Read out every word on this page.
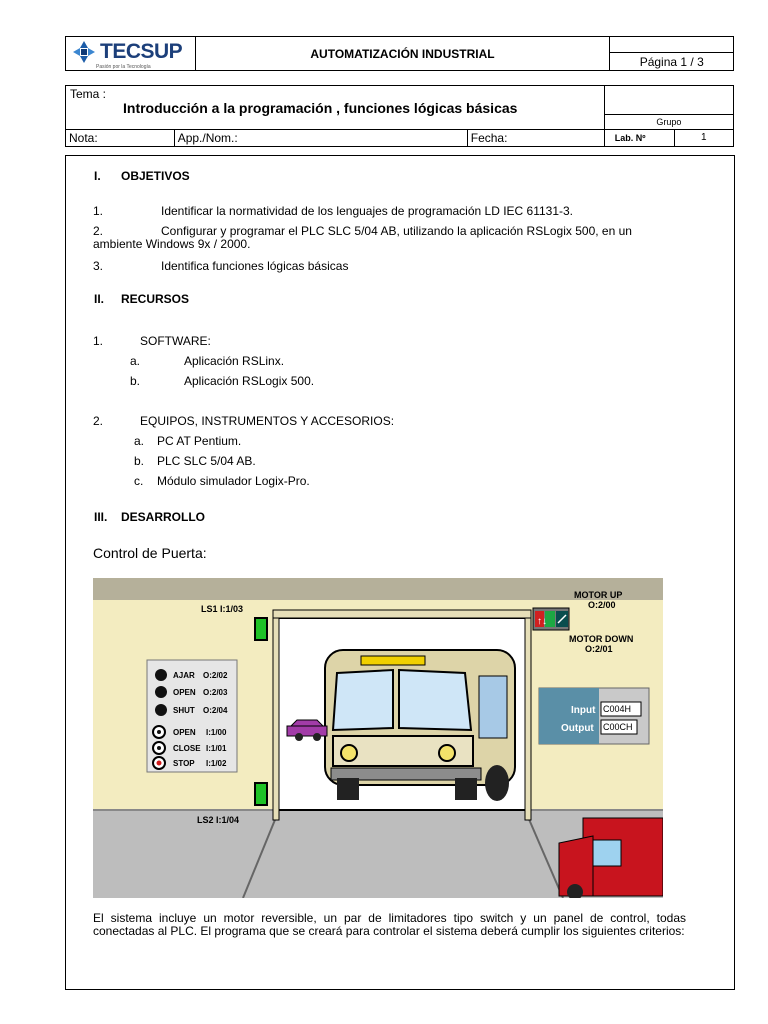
TECSUP
Pasión por la Tecnología
	AUTOMATIZACIÓN INDUSTRIAL	
Página 1 / 3
Tema :
Introducción a la programación , funciones lógicas básicas				

			Grupo	
Nota:	App./Nom.:	Fecha:	Lab. Nº	1
I. OBJETIVOS
1.	Identificar la normatividad de los lenguajes de programación LD IEC 61131-3.
2.	Configurar y programar el PLC SLC 5/04 AB, utilizando la aplicación RSLogix 500, en un
ambiente Windows 9x / 2000.
3.	Identifica funciones lógicas básicas
II. RECURSOS
1.	SOFTWARE:
a.	Aplicación RSLinx.
b.	Aplicación RSLogix 500.
2.	EQUIPOS, INSTRUMENTOS Y ACCESORIOS:
a. PC AT Pentium.
b. PLC SLC 5/04 AB.
c. Módulo simulador Logix-Pro.
III. DESARROLLO
Control de Puerta:
LS1 I:1/03
LS2 I:1/04
MOTOR UP
O:2/00
MOTOR DOWN
O:2/01
↑↓
AJAR O:2/02
OPEN O:2/03
SHUT O:2/04
OPEN I:1/00
CLOSE I:1/01
STOP I:1/02
Input C004H
Output C00CH
El sistema incluye un motor reversible, un par de limitadores tipo switch y un panel de control, todas conectadas al PLC. El programa que se creará para controlar el sistema deberá cumplir los siguientes criterios:
